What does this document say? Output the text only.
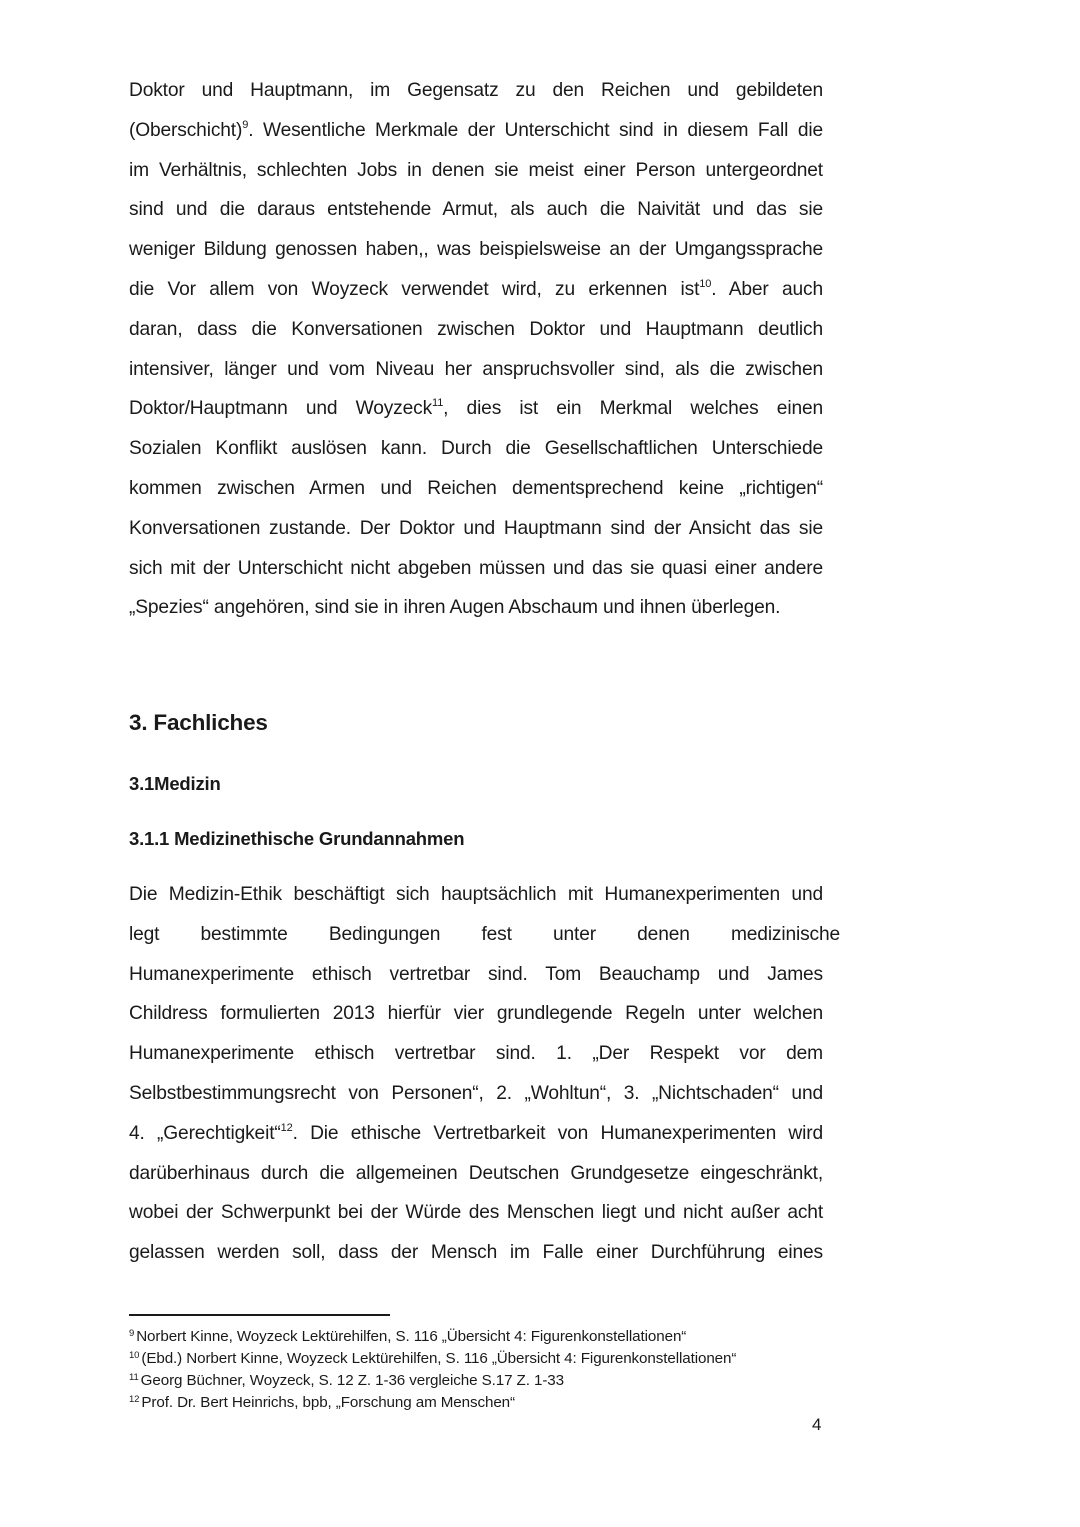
Doktor und Hauptmann, im Gegensatz zu den Reichen und gebildeten
(Oberschicht)$^9$. Wesentliche Merkmale der Unterschicht sind in diesem Fall die
im Verhältnis, schlechten Jobs in denen sie meist einer Person untergeordnet
sind und die daraus entstehende Armut, als auch die Naivität und das sie
weniger Bildung genossen haben,, was beispielsweise an der Umgangssprache
die Vor allem von Woyzeck verwendet wird, zu erkennen ist$^{10}$. Aber auch
daran, dass die Konversationen zwischen Doktor und Hauptmann deutlich
intensiver, länger und vom Niveau her anspruchsvoller sind, als die zwischen
Doktor/Hauptmann und Woyzeck$^{11}$, dies ist ein Merkmal welches einen
Sozialen Konflikt auslösen kann. Durch die Gesellschaftlichen Unterschiede
kommen zwischen Armen und Reichen dementsprechend keine „richtigen“
Konversationen zustande. Der Doktor und Hauptmann sind der Ansicht das sie
sich mit der Unterschicht nicht abgeben müssen und das sie quasi einer andere
„Spezies“ angehören, sind sie in ihren Augen Abschaum und ihnen überlegen.
3. Fachliches
3.1Medizin
3.1.1 Medizinethische Grundannahmen
Die Medizin-Ethik beschäftigt sich hauptsächlich mit Humanexperimenten und
legt bestimmte Bedingungen fest unter denen medizinische
Humanexperimente ethisch vertretbar sind. Tom Beauchamp und James
Childress formulierten 2013 hierfür vier grundlegende Regeln unter welchen
Humanexperimente ethisch vertretbar sind. 1. „Der Respekt vor dem
Selbstbestimmungsrecht von Personen“, 2. „Wohltun“, 3. „Nichtschaden“ und
4. „Gerechtigkeit“$^{12}$. Die ethische Vertretbarkeit von Humanexperimenten wird
darüberhinaus durch die allgemeinen Deutschen Grundgesetze eingeschränkt,
wobei der Schwerpunkt bei der Würde des Menschen liegt und nicht außer acht
gelassen werden soll, dass der Mensch im Falle einer Durchführung eines
$^9$ Norbert Kinne, Woyzeck Lektürehilfen, S. 116 „Übersicht 4: Figurenkonstellationen“
$^{10}$ (Ebd.) Norbert Kinne, Woyzeck Lektürehilfen, S. 116 „Übersicht 4: Figurenkonstellationen“
$^{11}$ Georg Büchner, Woyzeck, S. 12 Z. 1-36 vergleiche S.17 Z. 1-33
$^{12}$ Prof. Dr. Bert Heinrichs, bpb, „Forschung am Menschen“
4
